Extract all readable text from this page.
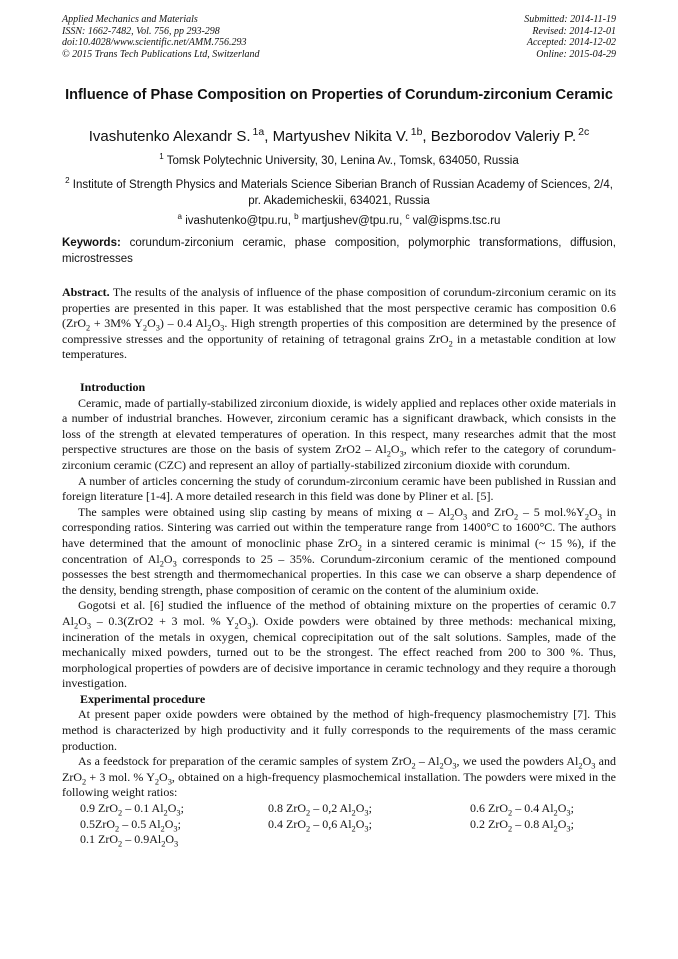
Applied Mechanics and Materials
ISSN: 1662-7482, Vol. 756, pp 293-298
doi:10.4028/www.scientific.net/AMM.756.293
© 2015 Trans Tech Publications Ltd, Switzerland
Submitted: 2014-11-19
Revised: 2014-12-01
Accepted: 2014-12-02
Online: 2015-04-29
Influence of Phase Composition on Properties of Corundum-zirconium Ceramic
Ivashutenko Alexandr S. $^{1a}$, Martyushev Nikita V. $^{1b}$, Bezborodov Valeriy P. $^{2c}$
$^1$ Tomsk Polytechnic University, 30, Lenina Av., Tomsk, 634050, Russia
$^2$ Institute of Strength Physics and Materials Science Siberian Branch of Russian Academy of Sciences, 2/4, pr. Akademicheskii, 634021, Russia
$^a$ ivashutenko@tpu.ru, $^b$ martjushev@tpu.ru, $^c$ val@ispms.tsc.ru
Keywords: corundum-zirconium ceramic, phase composition, polymorphic transformations, diffusion, microstresses
Abstract. The results of the analysis of influence of the phase composition of corundum-zirconium ceramic on its properties are presented in this paper. It was established that the most perspective ceramic has composition 0.6 (ZrO$_2$ + 3M% $Y_2O_3) - 0.4$ $Al_2O_3$. High strength properties of this composition are determined by the presence of compressive stresses and the opportunity of retaining of tetragonal grains ZrO$_2$ in a metastable condition at low temperatures.
Introduction

Ceramic, made of partially-stabilized zirconium dioxide, is widely applied and replaces other oxide materials in a number of industrial branches. However, zirconium ceramic has a significant drawback, which consists in the loss of the strength at elevated temperatures of operation. In this respect, many researches admit that the most perspective structures are those on the basis of system $ZrO2 - Al_2O_3$, which refer to the category of corundum-zirconium ceramic (CZC) and represent an alloy of partially-stabilized zirconium dioxide with corundum.

A number of articles concerning the study of corundum-zirconium ceramic have been published in Russian and foreign literature [1-4]. A more detailed research in this field was done by Pliner et al. [5].

The samples were obtained using slip casting by means of mixing α – $Al_2O_3$ and ZrO$_2$ – 5 $mol.\%Y_2O_3$ in corresponding ratios. Sintering was carried out within the temperature range from 1400°C to 1600°C. The authors have determined that the amount of monoclinic phase ZrO$_2$ in a sintered ceramic is minimal (~ 15 %), if the concentration of $Al_2O_3$ corresponds to 25 – 35%. Corundum-zirconium ceramic of the mentioned compound possesses the best strength and thermomechanical properties. In this case we can observe a sharp dependence of the density, bending strength, phase composition of ceramic on the content of the aluminium oxide.

Gogotsi et al. [6] studied the influence of the method of obtaining mixture on the properties of ceramic 0.7 $Al_2O_3 - 0.3(ZrO2 + 3$ mol. % $Y_2O_3$). Oxide powders were obtained by three methods: mechanical mixing, incineration of the metals in oxygen, chemical coprecipitation out of the salt solutions. Samples, made of the mechanically mixed powders, turned out to be the strongest. The effect reached from 200 to 300 %. Thus, morphological properties of powders are of decisive importance in ceramic technology and they require a thorough investigation.

Experimental procedure

At present paper oxide powders were obtained by the method of high-frequency plasmochemistry [7]. This method is characterized by high productivity and it fully corresponds to the requirements of the mass ceramic production.

As a feedstock for preparation of the ceramic samples of system $ZrO_2 - Al_2O_3$, we used the powders $Al_2O_3$ and ZrO$_2$ + 3 mol. % $Y_2O_3$, obtained on a high-frequency plasmochemical installation. The powders were mixed in the following weight ratios:

0.9 ZrO$_2$ – 0.1 $Al_2O_3$;	0.8 ZrO$_2$ – 0,2 $Al_2O_3$;	0.6 ZrO$_2$ – 0.4 $Al_2O_3$;
0.5ZrO$_2$ – 0.5 $Al_2O_3$;	0.4 ZrO$_2$ – 0,6 $Al_2O_3$;	0.2 ZrO$_2$ – 0.8 $Al_2O_3$;
0.1 $ZrO_2 - 0.9Al_2O_3$		
